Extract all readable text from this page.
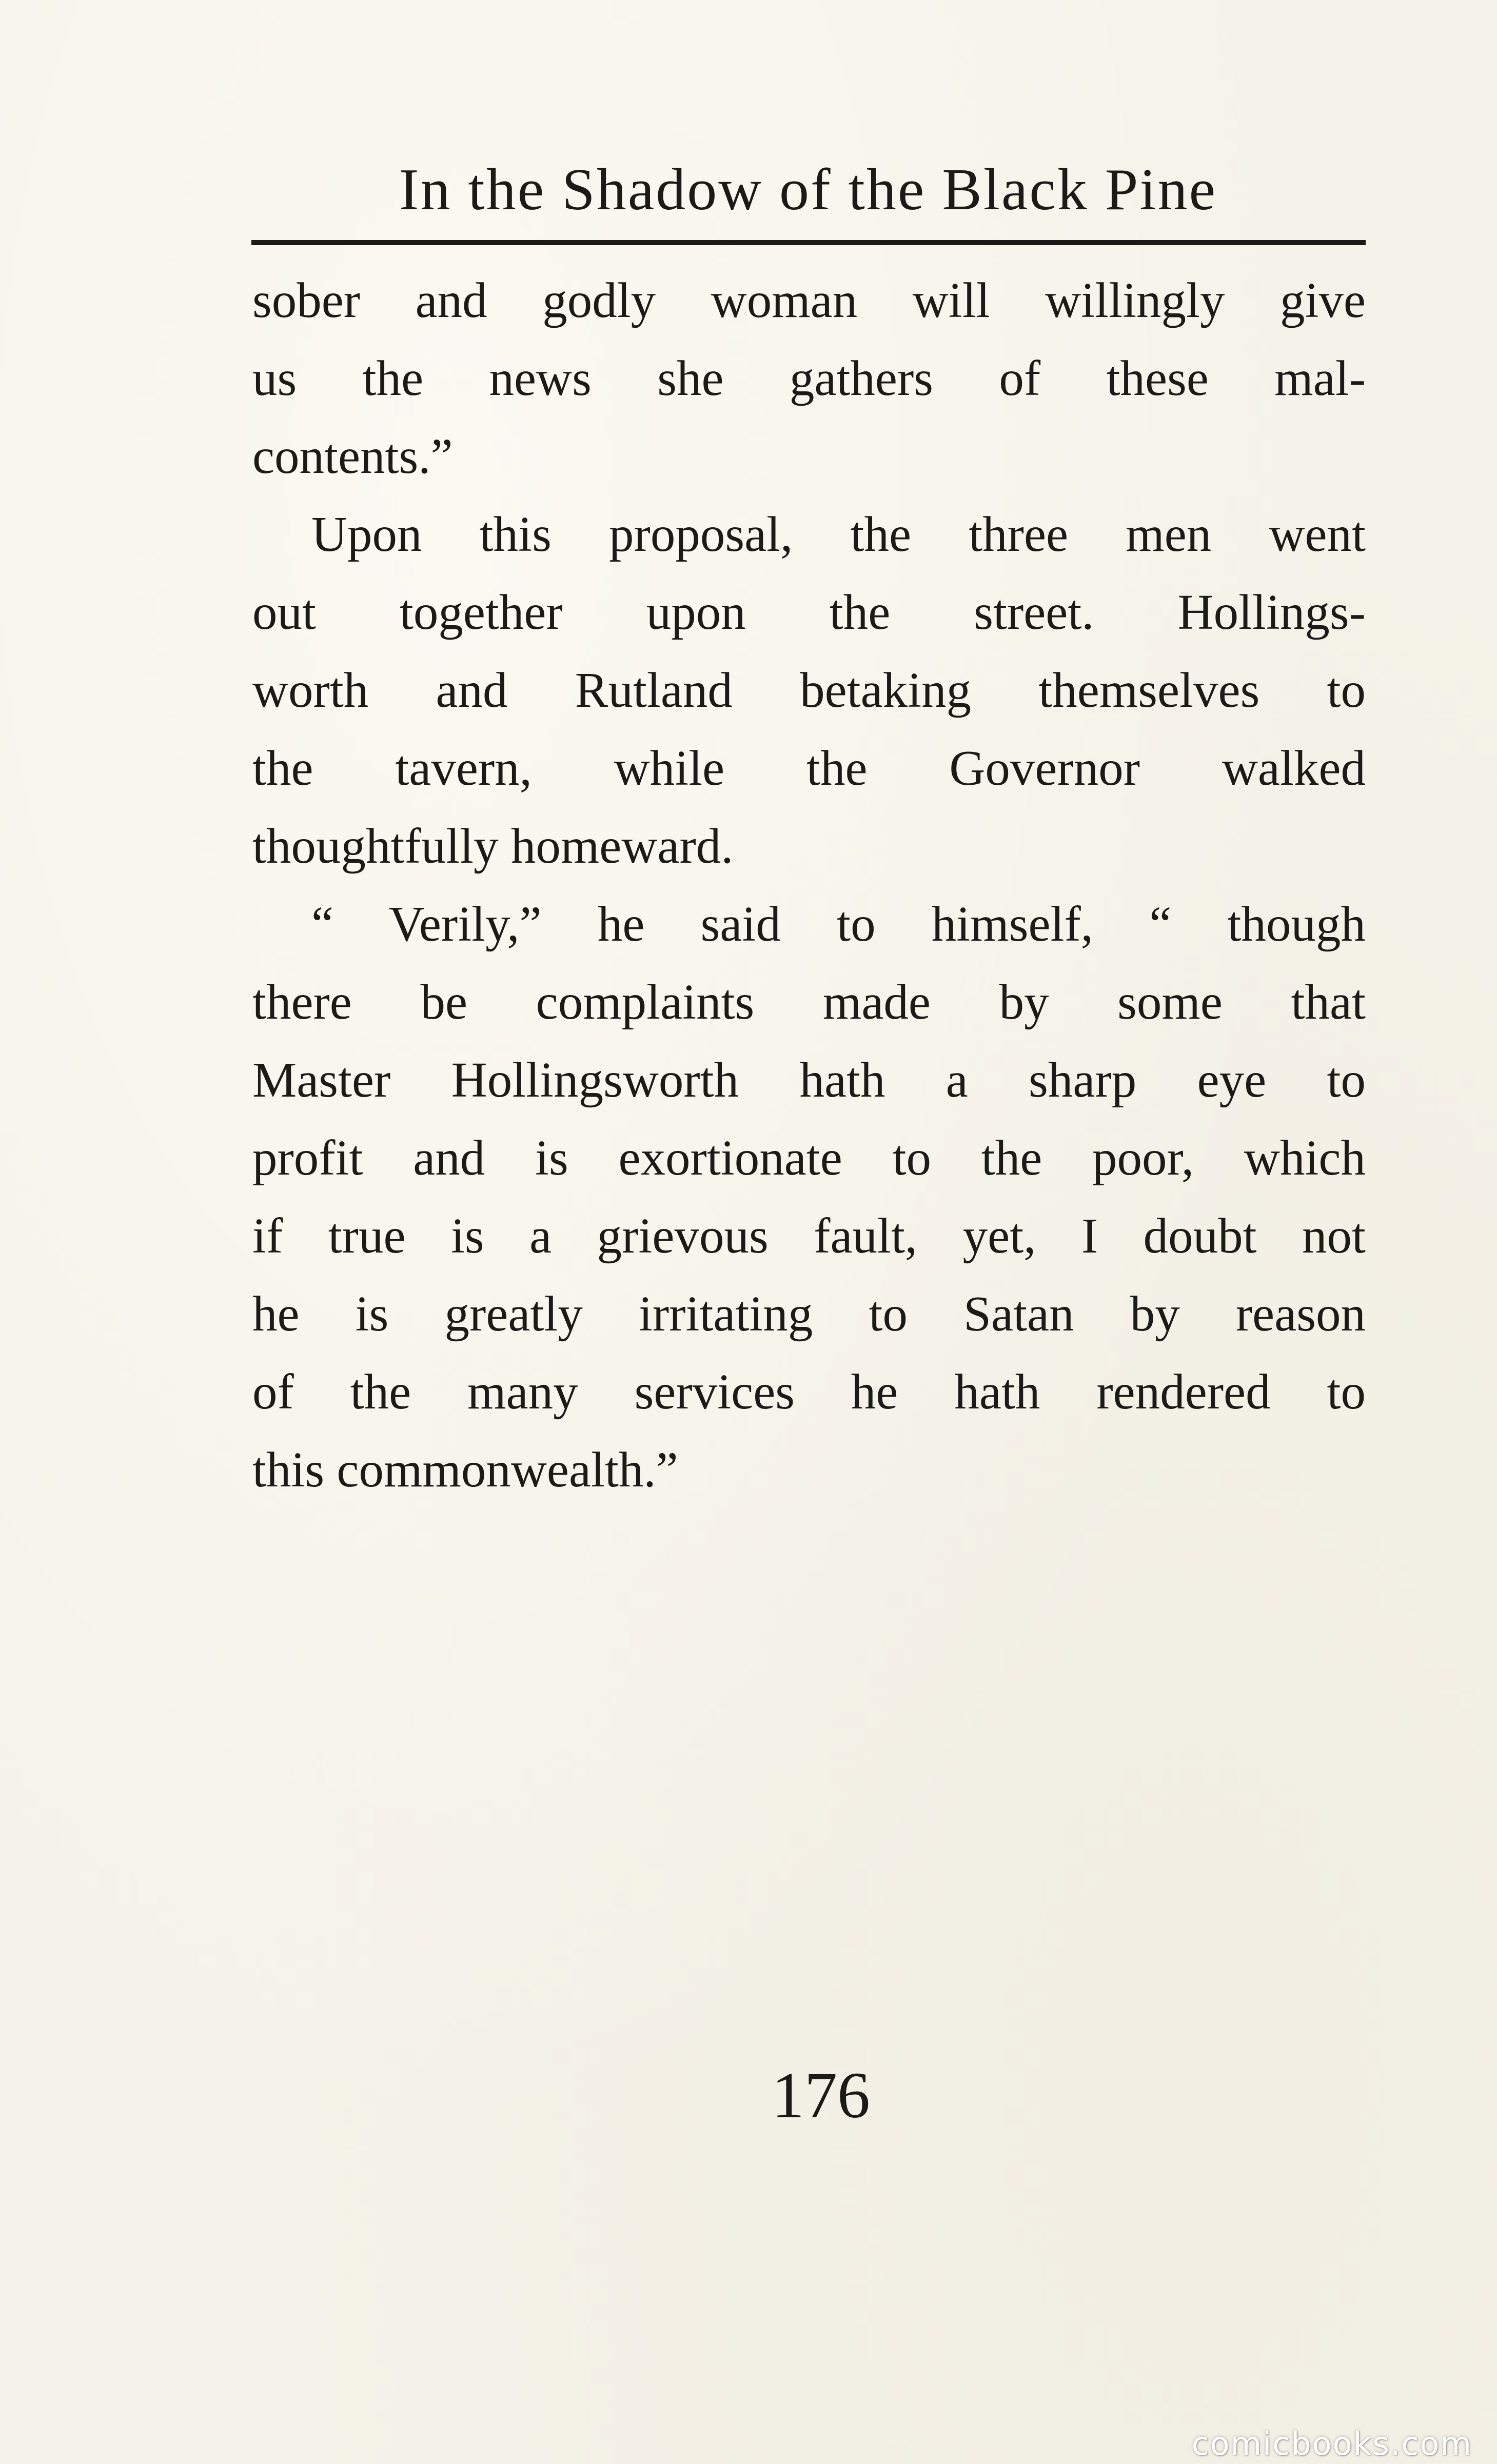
In the Shadow of the Black Pine
sober and godly woman will willingly give
us the news she gathers of these mal-
contents.”
Upon this proposal, the three men went
out together upon the street. Hollings-
worth and Rutland betaking themselves to
the tavern, while the Governor walked
thoughtfully homeward.
“ Verily,” he said to himself, “ though
there be complaints made by some that
Master Hollingsworth hath a sharp eye to
profit and is exortionate to the poor, which
if true is a grievous fault, yet, I doubt not
he is greatly irritating to Satan by reason
of the many services he hath rendered to
this commonwealth.”
176
comicbooks.com
